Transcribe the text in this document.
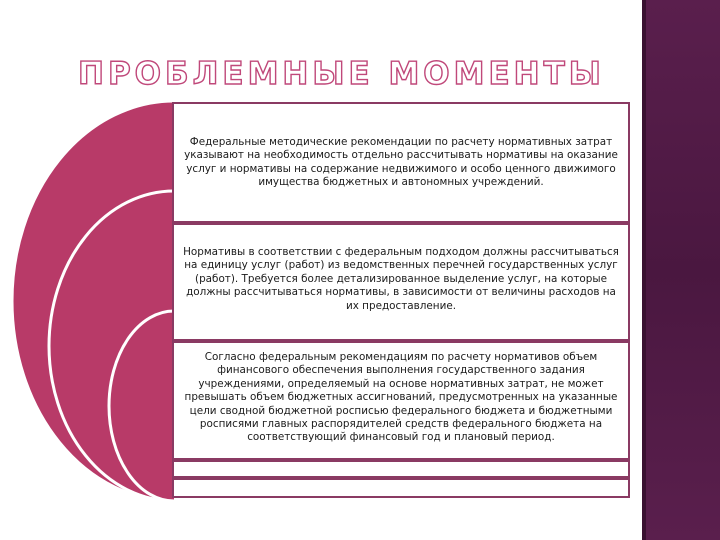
ПРОБЛЕМНЫЕ МОМЕНТЫ
Федеральные методические рекомендации по расчету нормативных затрат указывают на необходимость отдельно рассчитывать нормативы на оказание услуг и нормативы на содержание недвижимого и особо ценного движимого имущества бюджетных и автономных учреждений.
Нормативы в соответствии с федеральным подходом должны рассчитываться на единицу услуг (работ) из ведомственных перечней государственных услуг (работ). Требуется более детализированное выделение услуг, на которые должны рассчитываться нормативы, в зависимости от величины расходов на их предоставление.
Согласно федеральным рекомендациям по расчету нормативов объем финансового обеспечения выполнения государственного задания учреждениями, определяемый на основе нормативных затрат, не может превышать объем бюджетных ассигнований, предусмотренных на указанные цели сводной бюджетной росписью федерального бюджета и бюджетными росписями главных распорядителей средств федерального бюджета на соответствующий финансовый год и плановый период.
